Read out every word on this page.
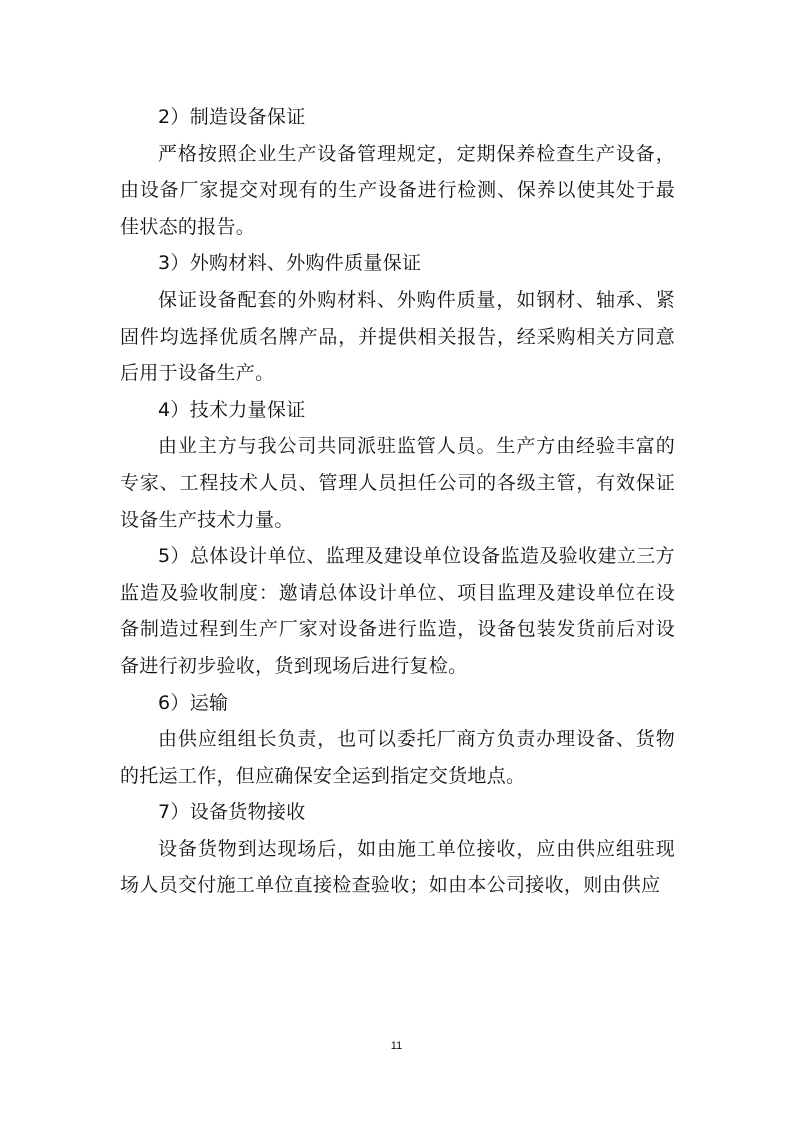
2）制造设备保证

严格按照企业生产设备管理规定，定期保养检查生产设备，由设备厂家提交对现有的生产设备进行检测、保养以使其处于最佳状态的报告。

3）外购材料、外购件质量保证

保证设备配套的外购材料、外购件质量，如钢材、轴承、紧固件均选择优质名牌产品，并提供相关报告，经采购相关方同意后用于设备生产。

4）技术力量保证

由业主方与我公司共同派驻监管人员。生产方由经验丰富的专家、工程技术人员、管理人员担任公司的各级主管，有效保证设备生产技术力量。

5）总体设计单位、监理及建设单位设备监造及验收建立三方监造及验收制度：邀请总体设计单位、项目监理及建设单位在设备制造过程到生产厂家对设备进行监造，设备包装发货前后对设备进行初步验收，货到现场后进行复检。

6）运输

由供应组组长负责，也可以委托厂商方负责办理设备、货物的托运工作，但应确保安全运到指定交货地点。

7）设备货物接收

设备货物到达现场后，如由施工单位接收，应由供应组驻现场人员交付施工单位直接检查验收；如由本公司接收，则由供应

11
